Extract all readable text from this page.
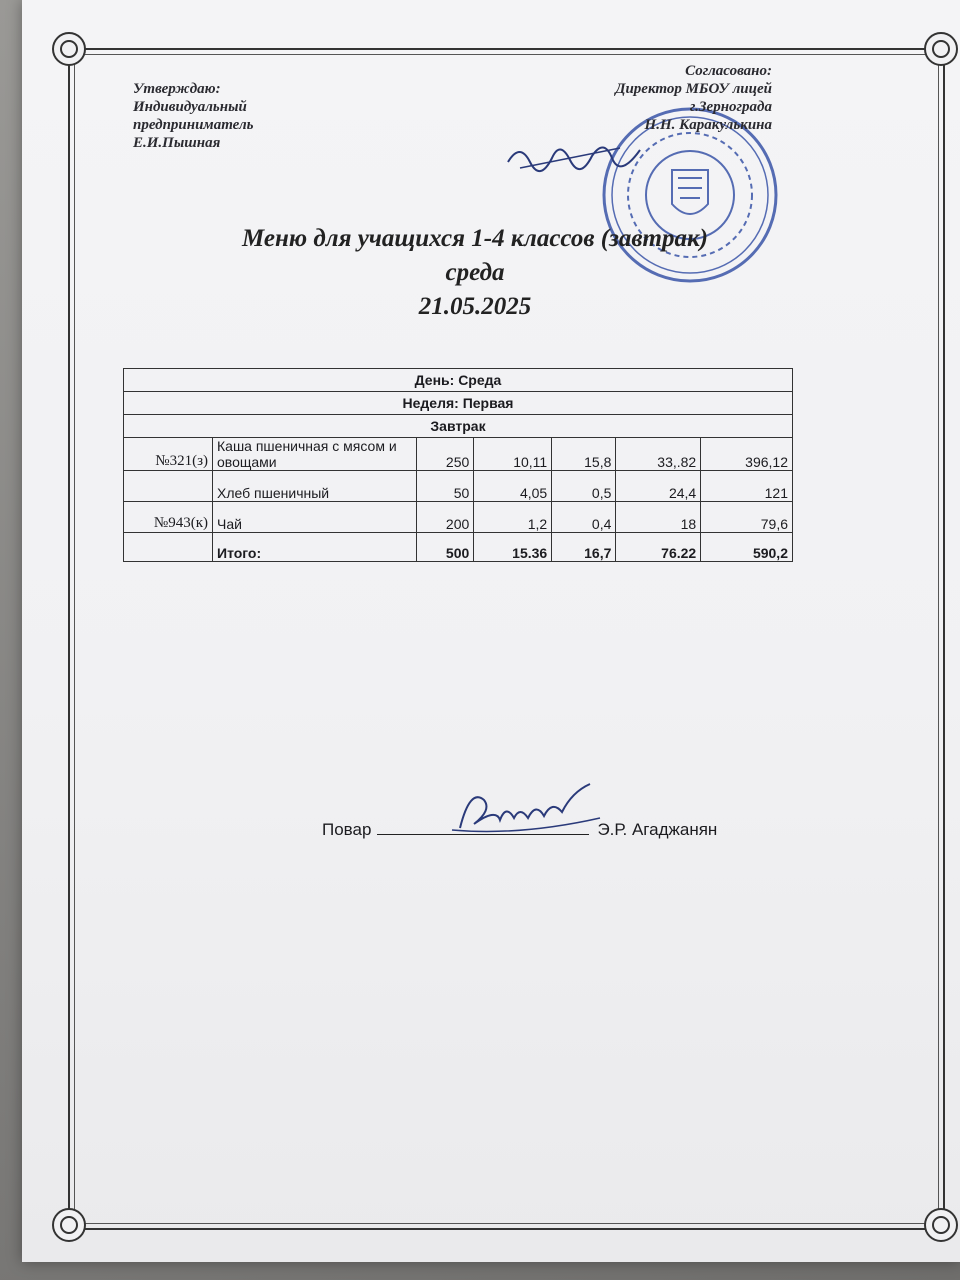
Утверждаю:
Индивидуальный
предприниматель
Е.И.Пышная
Согласовано:
Директор МБОУ лицей
г.Зернограда
Н.Н. Каракулькина
Меню для учащихся 1-4 классов (завтрак)
среда
21.05.2025
День: Среда						
Неделя: Первая						
Завтрак						
№321(з)	Каша пшеничная с мясом и овощами	250	10,11	15,8	33,.82	396,12
	Хлеб пшеничный	50	4,05	0,5	24,4	121
№943(к)	Чай	200	1,2	0,4	18	79,6
	Итого:	500	15.36	16,7	76.22	590,2
Повар	Э.Р. Агаджанян
